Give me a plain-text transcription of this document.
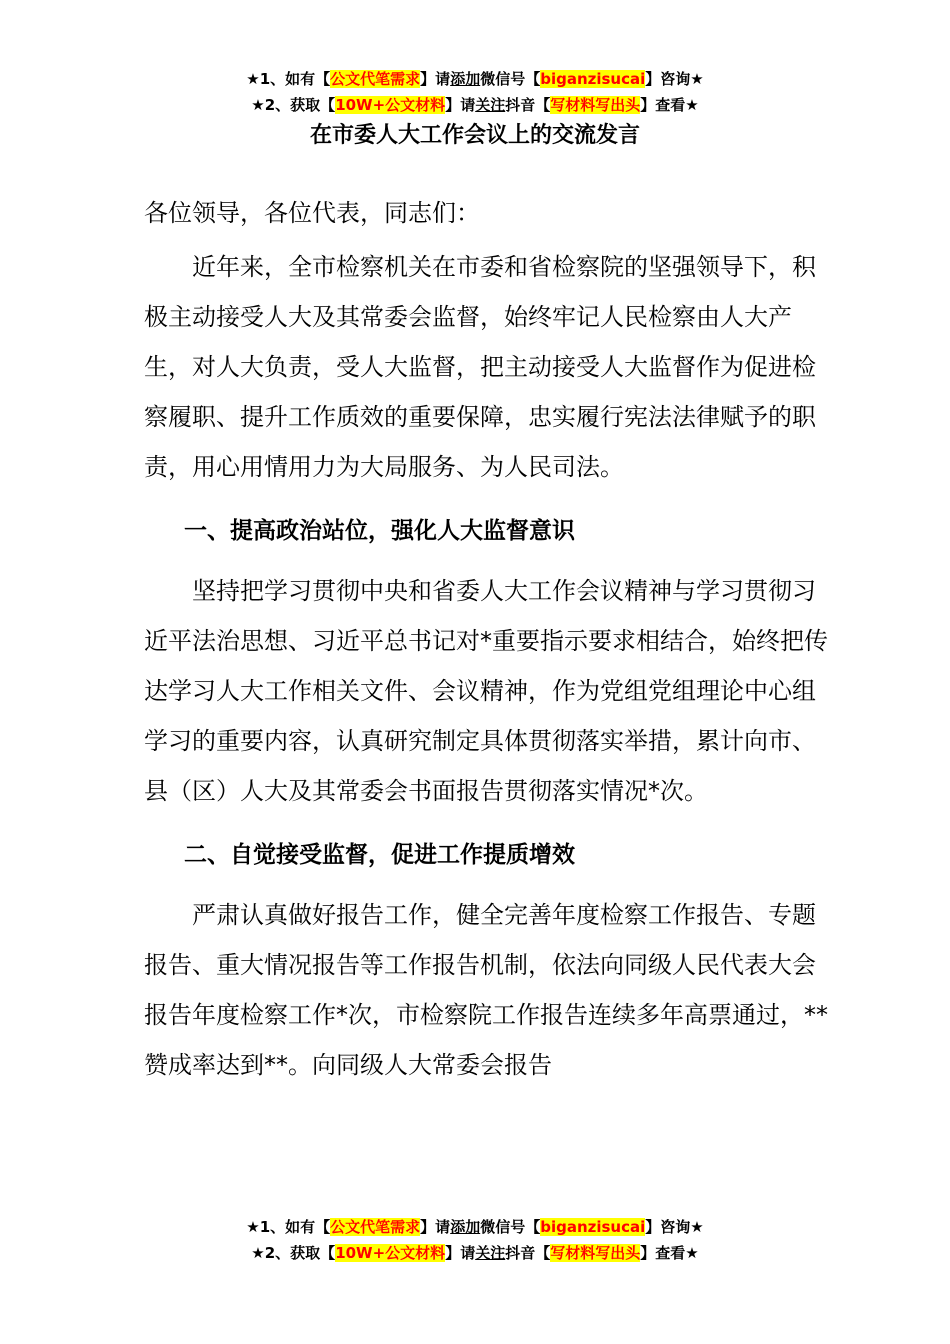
★1、如有【公文代笔需求】请添加微信号【biganzisucai】咨询★
★2、获取【10W+公文材料】请关注抖音【写材料写出头】查看★
在市委人大工作会议上的交流发言

各位领导，各位代表，同志们：

近年来，全市检察机关在市委和省检察院的坚强领导下，积极主动接受人大及其常委会监督，始终牢记人民检察由人大产生，对人大负责，受人大监督，把主动接受人大监督作为促进检察履职、提升工作质效的重要保障，忠实履行宪法法律赋予的职责，用心用情用力为大局服务、为人民司法。

一、提高政治站位，强化人大监督意识

坚持把学习贯彻中央和省委人大工作会议精神与学习贯彻习近平法治思想、习近平总书记对*重要指示要求相结合，始终把传达学习人大工作相关文件、会议精神，作为党组党组理论中心组学习的重要内容，认真研究制定具体贯彻落实举措，累计向市、县（区）人大及其常委会书面报告贯彻落实情况*次。

二、自觉接受监督，促进工作提质增效

严肃认真做好报告工作，健全完善年度检察工作报告、专题报告、重大情况报告等工作报告机制，依法向同级人民代表大会报告年度检察工作*次，市检察院工作报告连续多年高票通过，**赞成率达到**。向同级人大常委会报告

★1、如有【公文代笔需求】请添加微信号【biganzisucai】咨询★
★2、获取【10W+公文材料】请关注抖音【写材料写出头】查看★
